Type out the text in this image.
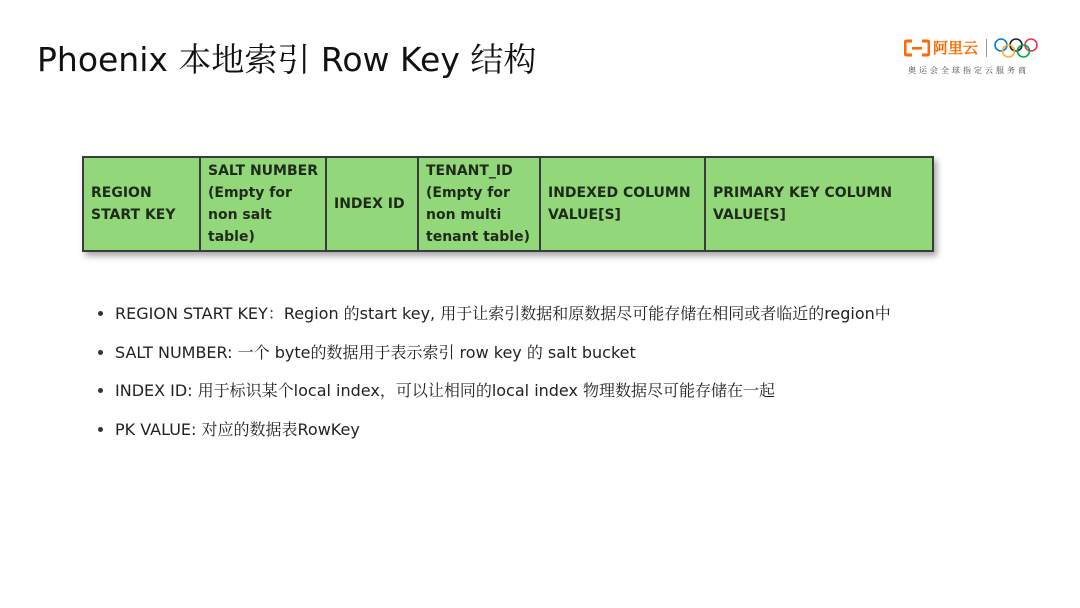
Phoenix 本地索引 Row Key 结构	阿里云
奥运会全球指定云服务商
REGION
START KEY
SALT NUMBER
(Empty for
non salt table)
INDEX ID
TENANT_ID
(Empty for
non multi
tenant table)
INDEXED COLUMN
VALUE[S]
PRIMARY KEY COLUMN
VALUE[S]
REGION START KEY：Region 的start key, 用于让索引数据和原数据尽可能存储在相同或者临近的region中
SALT NUMBER: 一个 byte的数据用于表示索引 row key 的 salt bucket
INDEX ID: 用于标识某个local index，可以让相同的local index 物理数据尽可能存储在一起
PK VALUE: 对应的数据表RowKey
